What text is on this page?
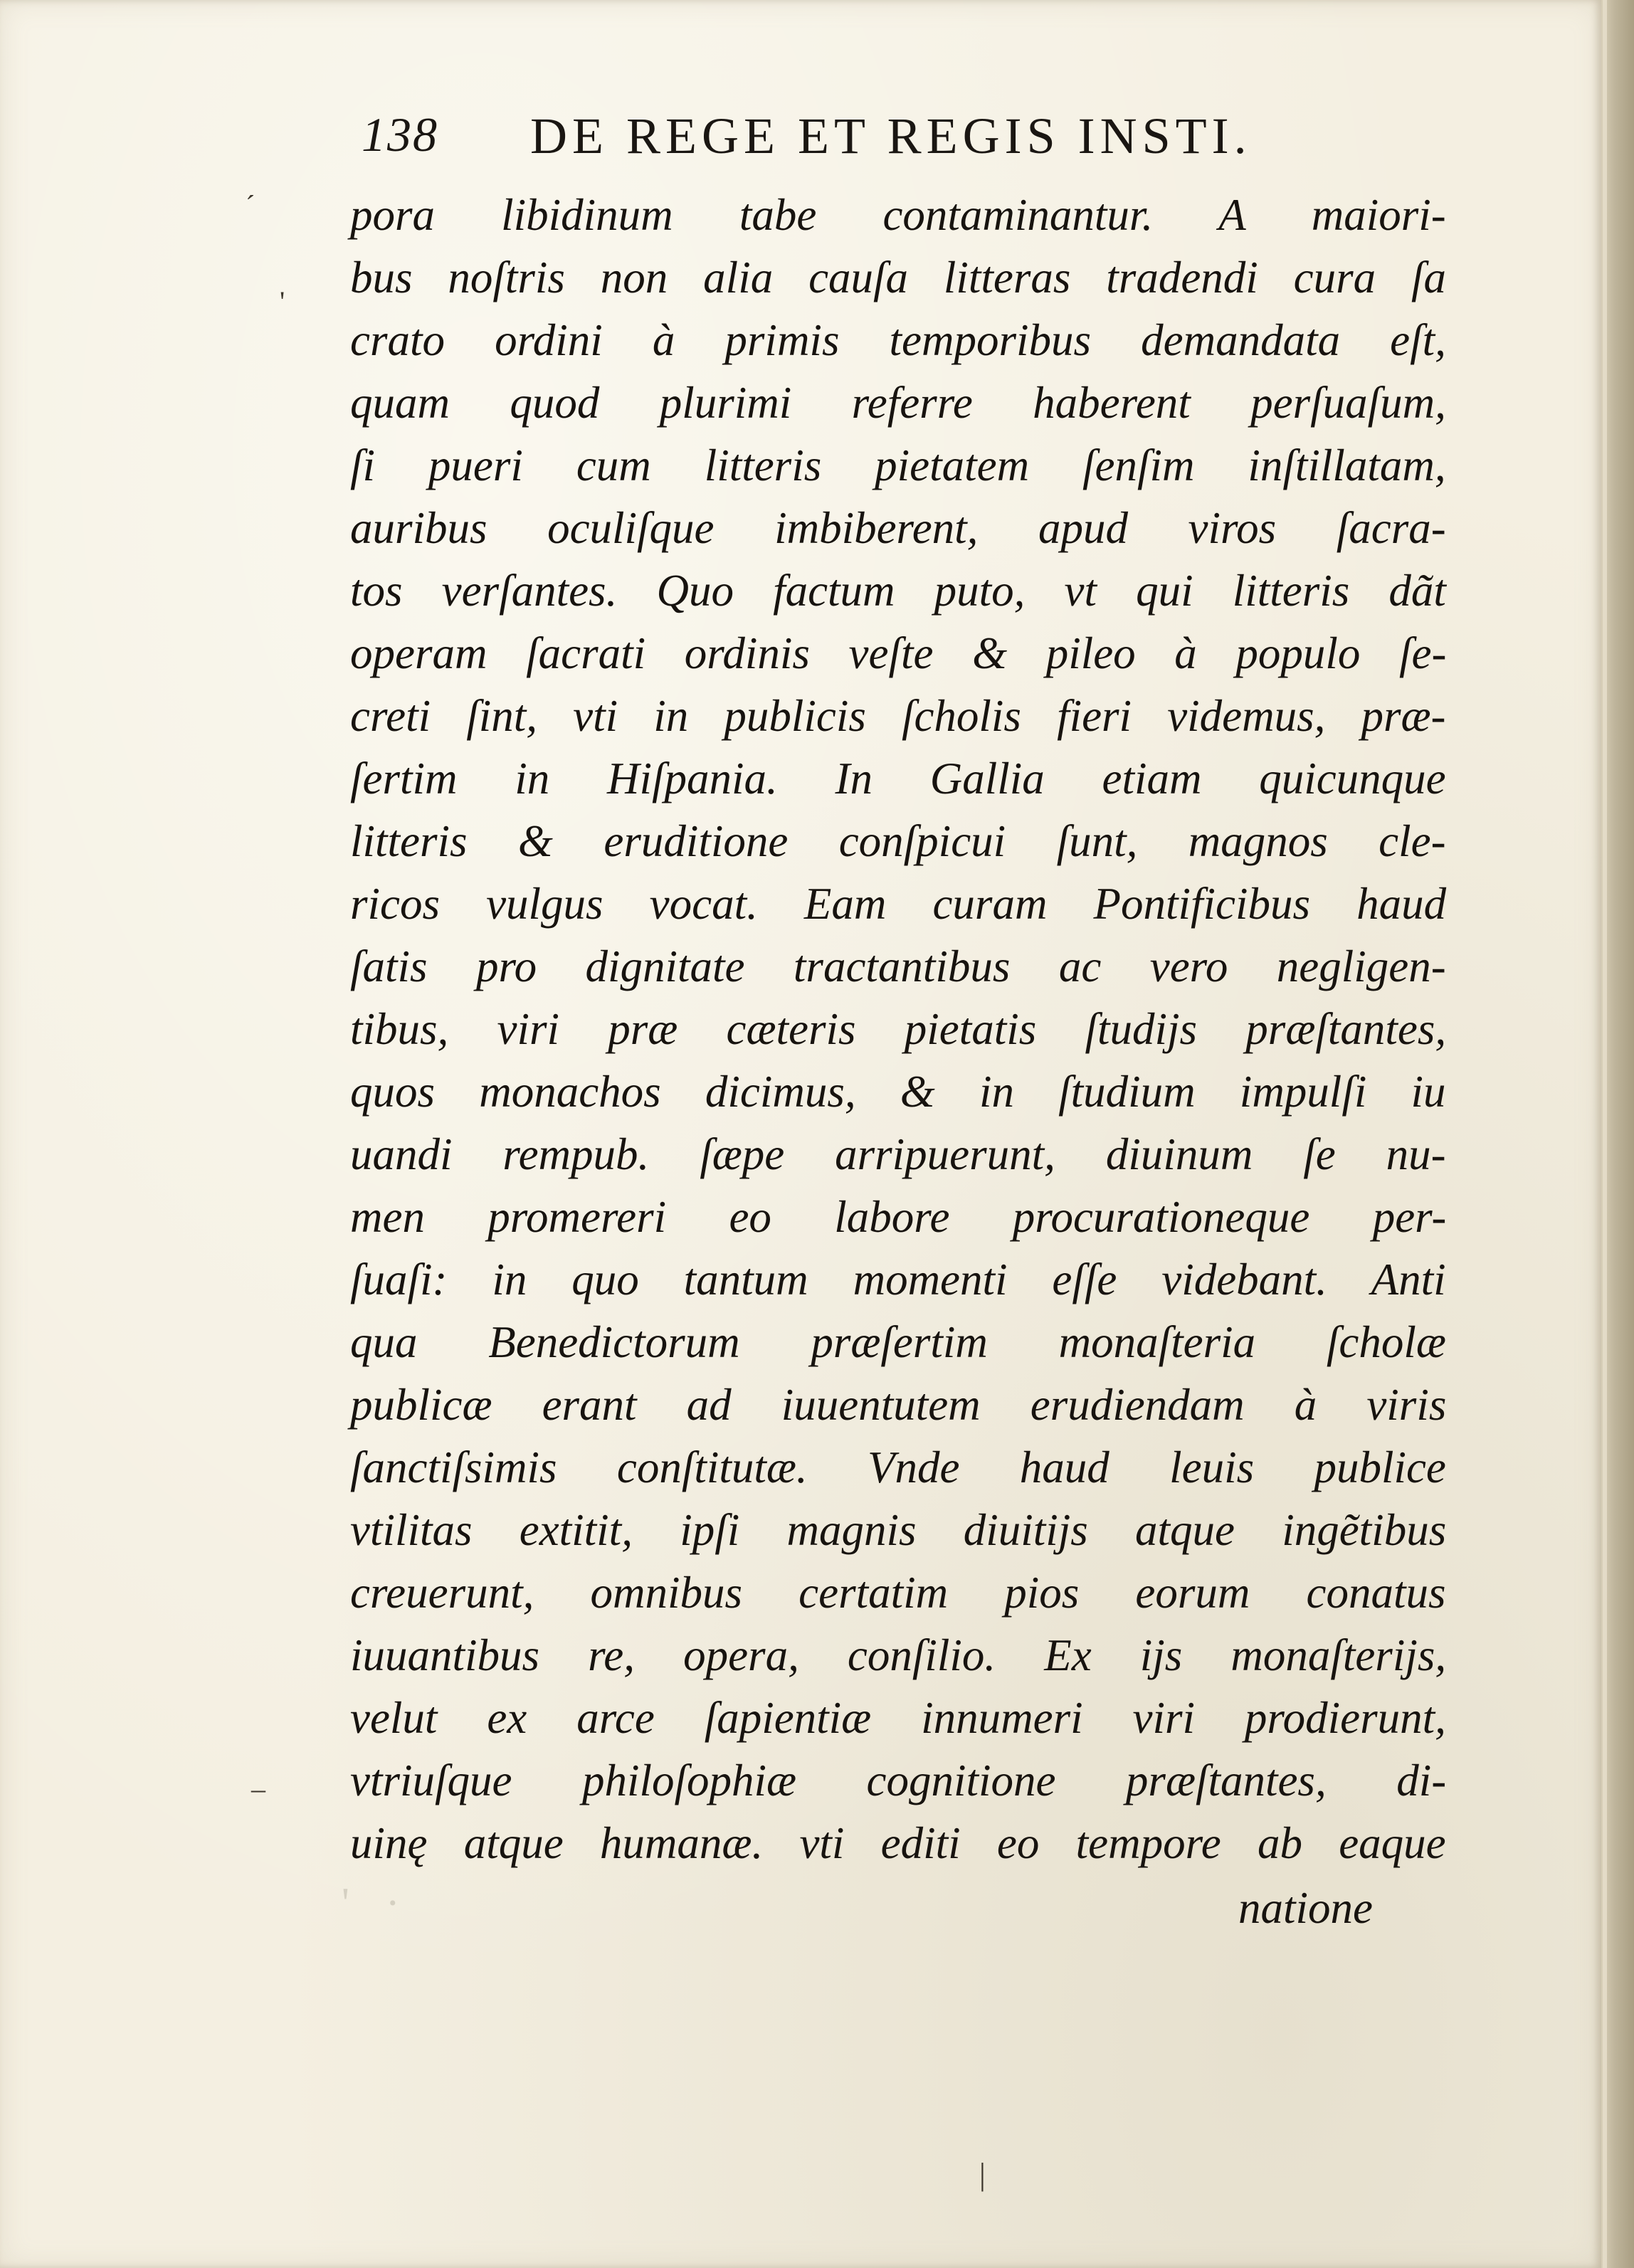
´
'
–
|
' ·
138 DE REGE ET REGIS INSTI.
pora libidinum tabe contaminantur. A maiori-
bus noſtris non alia cauſa litteras tradendi cura ſa
crato ordini à primis temporibus demandata eſt,
quam quod plurimi referre haberent perſuaſum,
ſi pueri cum litteris pietatem ſenſim inſtillatam,
auribus oculiſque imbiberent, apud viros ſacra-
tos verſantes. Quo factum puto, vt qui litteris dãt
operam ſacrati ordinis veſte & pileo à populo ſe-
creti ſint, vti in publicis ſcholis fieri videmus, præ-
ſertim in Hiſpania. In Gallia etiam quicunque
litteris & eruditione conſpicui ſunt, magnos cle-
ricos vulgus vocat. Eam curam Pontificibus haud
ſatis pro dignitate tractantibus ac vero negligen-
tibus, viri præ cæteris pietatis ſtudijs præſtantes,
quos monachos dicimus, & in ſtudium impulſi iu
uandi rempub. ſæpe arripuerunt, diuinum ſe nu-
men promereri eo labore procurationeque per-
ſuaſi: in quo tantum momenti eſſe videbant. Anti
qua Benedictorum præſertim monaſteria ſcholæ
publicæ erant ad iuuentutem erudiendam à viris
ſanctiſsimis conſtitutæ. Vnde haud leuis publice
vtilitas extitit, ipſi magnis diuitijs atque ingẽtibus
creuerunt, omnibus certatim pios eorum conatus
iuuantibus re, opera, conſilio. Ex ijs monaſterijs,
velut ex arce ſapientiæ innumeri viri prodierunt,
vtriuſque philoſophiæ cognitione præſtantes, di-
uinę atque humanæ. vti editi eo tempore ab eaque
natione
